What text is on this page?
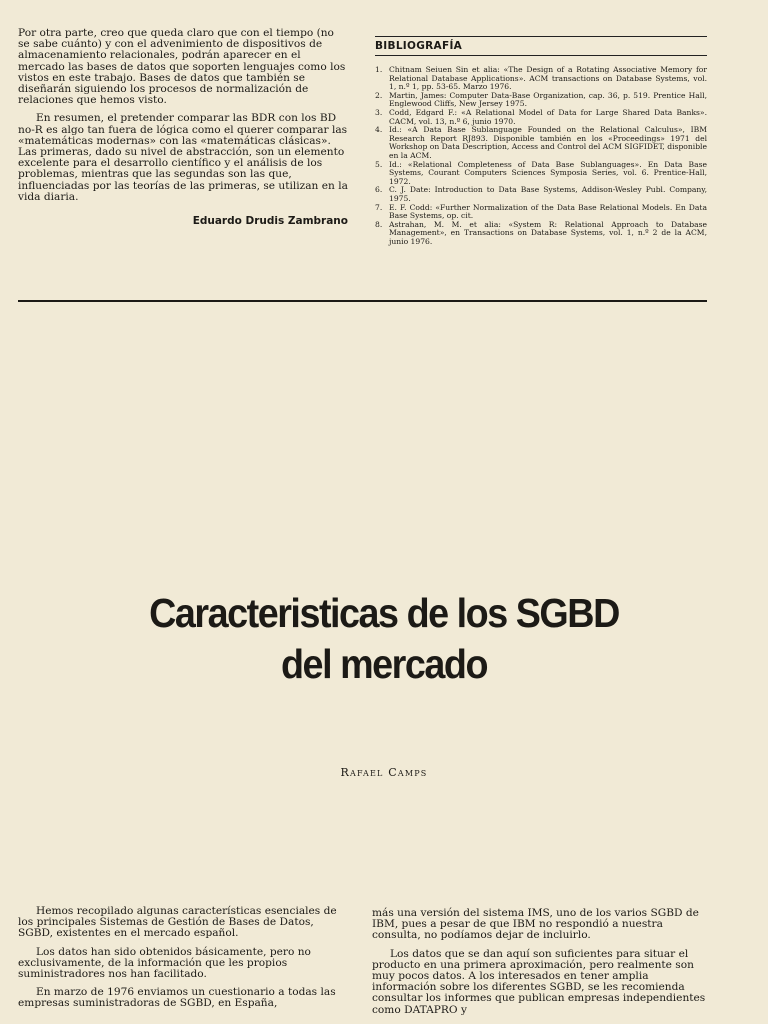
Por otra parte, creo que queda claro que con el tiempo (no se sabe cuánto) y con el advenimiento de dispositivos de almacenamiento relacionales, podrán aparecer en el mercado las bases de datos que soporten lenguajes como los vistos en este trabajo. Bases de datos que también se diseñarán siguiendo los procesos de normalización de relaciones que hemos visto.

En resumen, el pretender comparar las BDR con los BD no-R es algo tan fuera de lógica como el querer comparar las «matemáticas modernas» con las «matemáticas clásicas». Las primeras, dado su nivel de abstracción, son un elemento excelente para el desarrollo científico y el análisis de los problemas, mientras que las segundas son las que, influenciadas por las teorías de las primeras, se utilizan en la vida diaria.

Eduardo Drudis Zambrano
BIBLIOGRAFÍA
1. Chitnam Seiuen Sin et alia: «The Design of a Rotating Associative Memory for Relational Database Applications». ACM transactions on Database Systems, vol. 1, n.º 1, pp. 53-65. Marzo 1976.
2. Martin, James: Computer Data-Base Organization, cap. 36, p. 519. Prentice Hall, Englewood Cliffs, New Jersey 1975.
3. Codd, Edgard F.: «A Relational Model of Data for Large Shared Data Banks». CACM, vol. 13, n.º 6, junio 1970.
4. Id.: «A Data Base Sublanguage Founded on the Relational Calculus», IBM Research Report RJ893. Disponible también en los «Proceedings» 1971 del Workshop on Data Description, Access and Control del ACM SIGFIDET, disponible en la ACM.
5. Id.: «Relational Completeness of Data Base Sublanguages». En Data Base Systems, Courant Computers Sciences Symposia Series, vol. 6. Prentice-Hall, 1972.
6. C. J. Date: Introduction to Data Base Systems, Addison-Wesley Publ. Company, 1975.
7. E. F. Codd: «Further Normalization of the Data Base Relational Models. En Data Base Systems, op. cit.
8. Astrahan, M. M. et alia: «System R: Relational Approach to Database Management», en Transactions on Database Systems, vol. 1, n.º 2 de la ACM, junio 1976.
Caracteristicas de los SGBD
del mercado
Rafael Camps

Hemos recopilado algunas características esenciales de los principales Sistemas de Gestión de Bases de Datos, SGBD, existentes en el mercado español.

Los datos han sido obtenidos básicamente, pero no exclusivamente, de la información que les propios suministradores nos han facilitado.

En marzo de 1976 enviamos un cuestionario a todas las empresas suministradoras de SGBD, en España,

más una versión del sistema IMS, uno de los varios SGBD de IBM, pues a pesar de que IBM no respondió a nuestra consulta, no podíamos dejar de incluirlo.

Los datos que se dan aquí son suficientes para situar el producto en una primera aproximación, pero realmente son muy pocos datos. A los interesados en tener amplia información sobre los diferentes SGBD, se les recomienda consultar los informes que publican empresas independientes como DATAPRO y
